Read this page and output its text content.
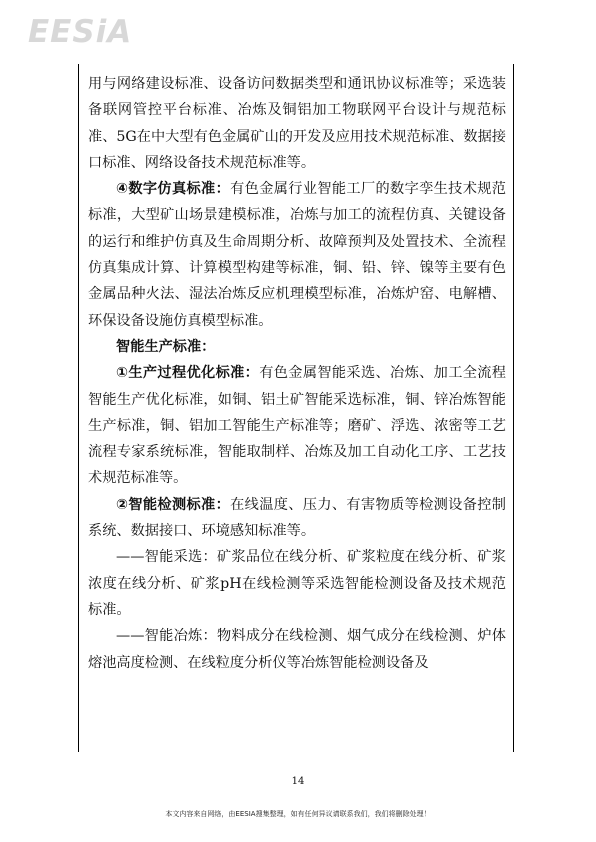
EESiA

用与网络建设标准、设备访问数据类型和通讯协议标准等；采选装备联网管控平台标准、冶炼及铜铝加工物联网平台设计与规范标准、5G在中大型有色金属矿山的开发及应用技术规范标准、数据接口标准、网络设备技术规范标准等。

④数字仿真标准：有色金属行业智能工厂的数字孪生技术规范标准，大型矿山场景建模标准，冶炼与加工的流程仿真、关键设备的运行和维护仿真及生命周期分析、故障预判及处置技术、全流程仿真集成计算、计算模型构建等标准，铜、铅、锌、镍等主要有色金属品种火法、湿法冶炼反应机理模型标准，冶炼炉窑、电解槽、环保设备设施仿真模型标准。

智能生产标准：

①生产过程优化标准：有色金属智能采选、冶炼、加工全流程智能生产优化标准，如铜、铝土矿智能采选标准，铜、锌冶炼智能生产标准，铜、铝加工智能生产标准等；磨矿、浮选、浓密等工艺流程专家系统标准，智能取制样、冶炼及加工自动化工序、工艺技术规范标准等。

②智能检测标准：在线温度、压力、有害物质等检测设备控制系统、数据接口、环境感知标准等。

——智能采选：矿浆品位在线分析、矿浆粒度在线分析、矿浆浓度在线分析、矿浆pH在线检测等采选智能检测设备及技术规范标准。

——智能冶炼：物料成分在线检测、烟气成分在线检测、炉体熔池高度检测、在线粒度分析仪等冶炼智能检测设备及

14
本文内容来自网络，由EESIA搜集整理，如有任何异议请联系我们，我们将删除处理！
